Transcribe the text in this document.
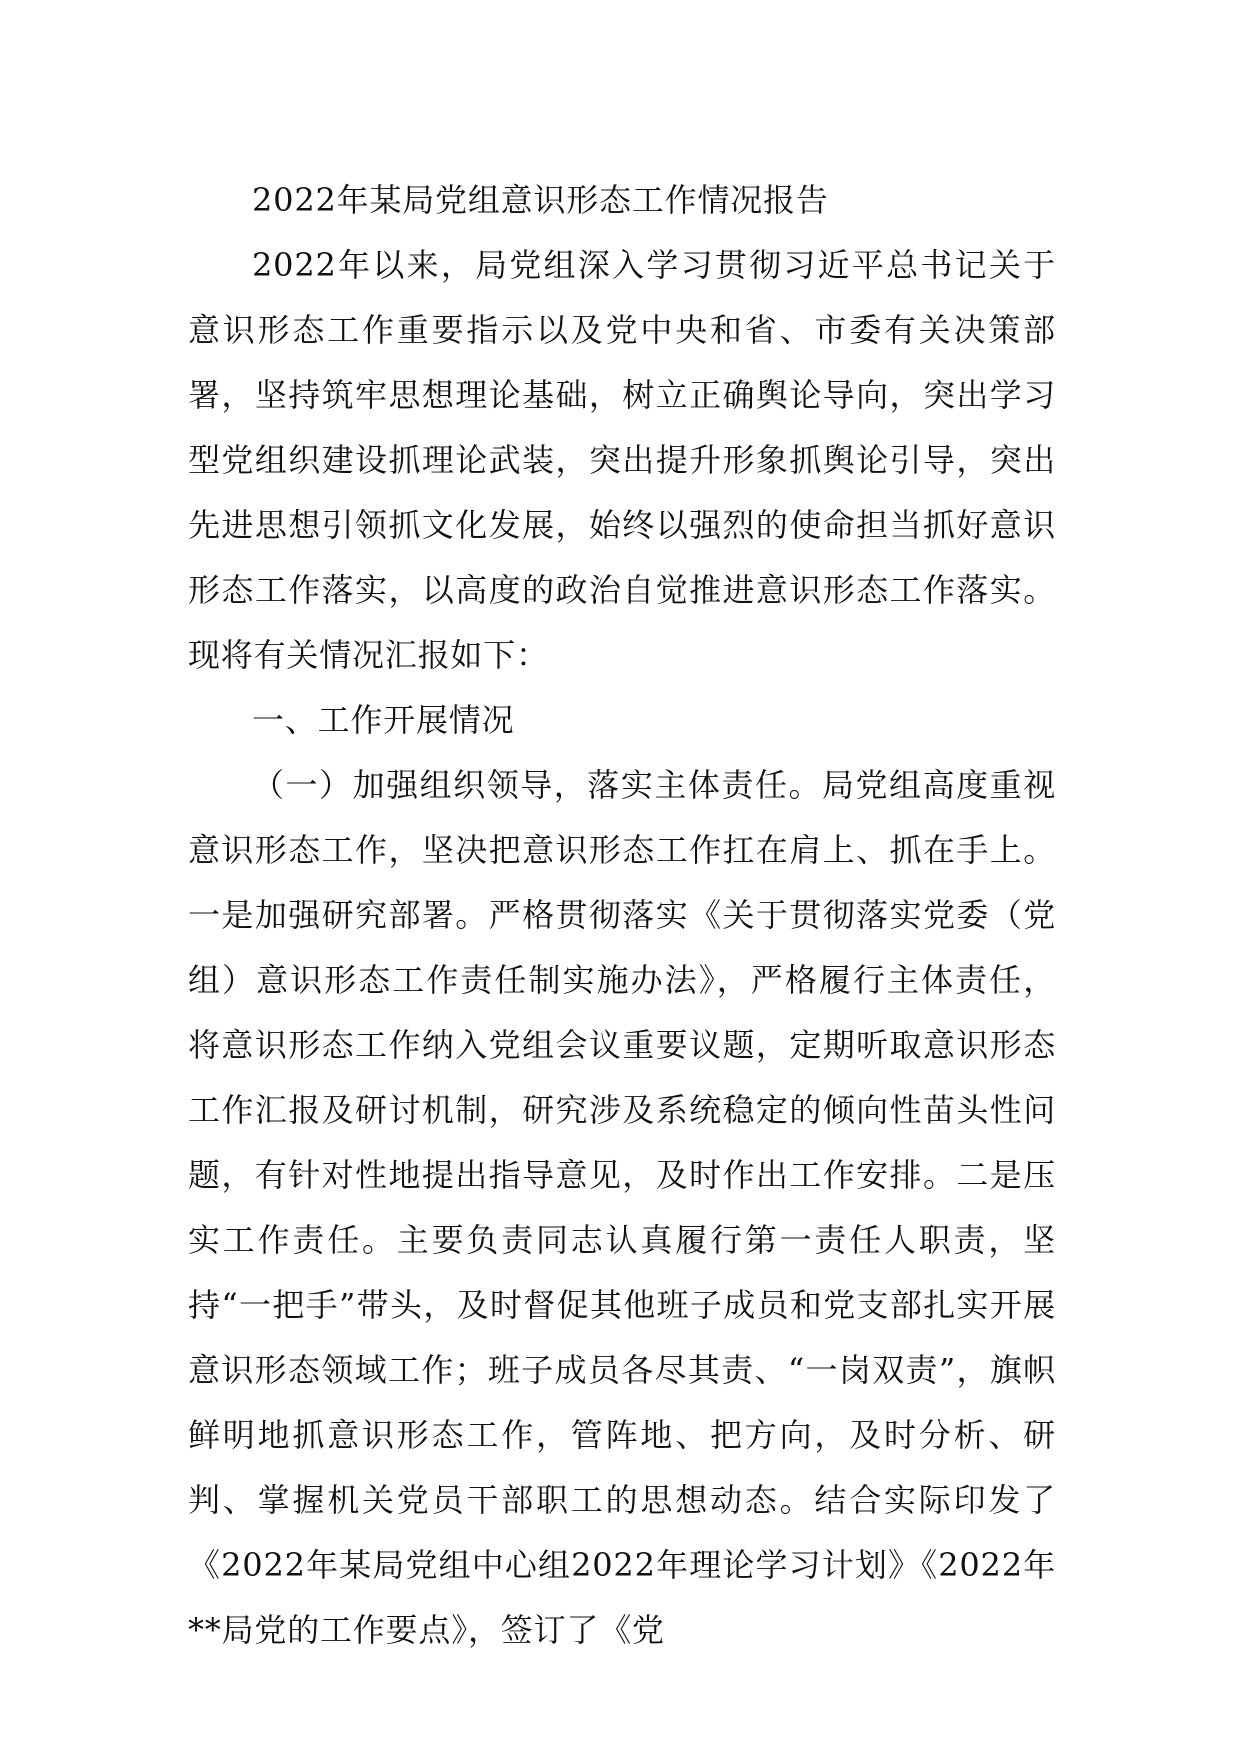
2022年某局党组意识形态工作情况报告

2022年以来，局党组深入学习贯彻习近平总书记关于意识形态工作重要指示以及党中央和省、市委有关决策部署，坚持筑牢思想理论基础，树立正确舆论导向，突出学习型党组织建设抓理论武装，突出提升形象抓舆论引导，突出先进思想引领抓文化发展，始终以强烈的使命担当抓好意识形态工作落实，以高度的政治自觉推进意识形态工作落实。现将有关情况汇报如下：

一、工作开展情况

（一）加强组织领导，落实主体责任。局党组高度重视意识形态工作，坚决把意识形态工作扛在肩上、抓在手上。一是加强研究部署。严格贯彻落实《关于贯彻落实党委（党组）意识形态工作责任制实施办法》，严格履行主体责任，将意识形态工作纳入党组会议重要议题，定期听取意识形态工作汇报及研讨机制，研究涉及系统稳定的倾向性苗头性问题，有针对性地提出指导意见，及时作出工作安排。二是压实工作责任。主要负责同志认真履行第一责任人职责，坚持“一把手”带头，及时督促其他班子成员和党支部扎实开展意识形态领域工作；班子成员各尽其责、“一岗双责”，旗帜鲜明地抓意识形态工作，管阵地、把方向，及时分析、研判、掌握机关党员干部职工的思想动态。结合实际印发了《2022年某局党组中心组2022年理论学习计划》《2022年**局党的工作要点》，签订了《党
